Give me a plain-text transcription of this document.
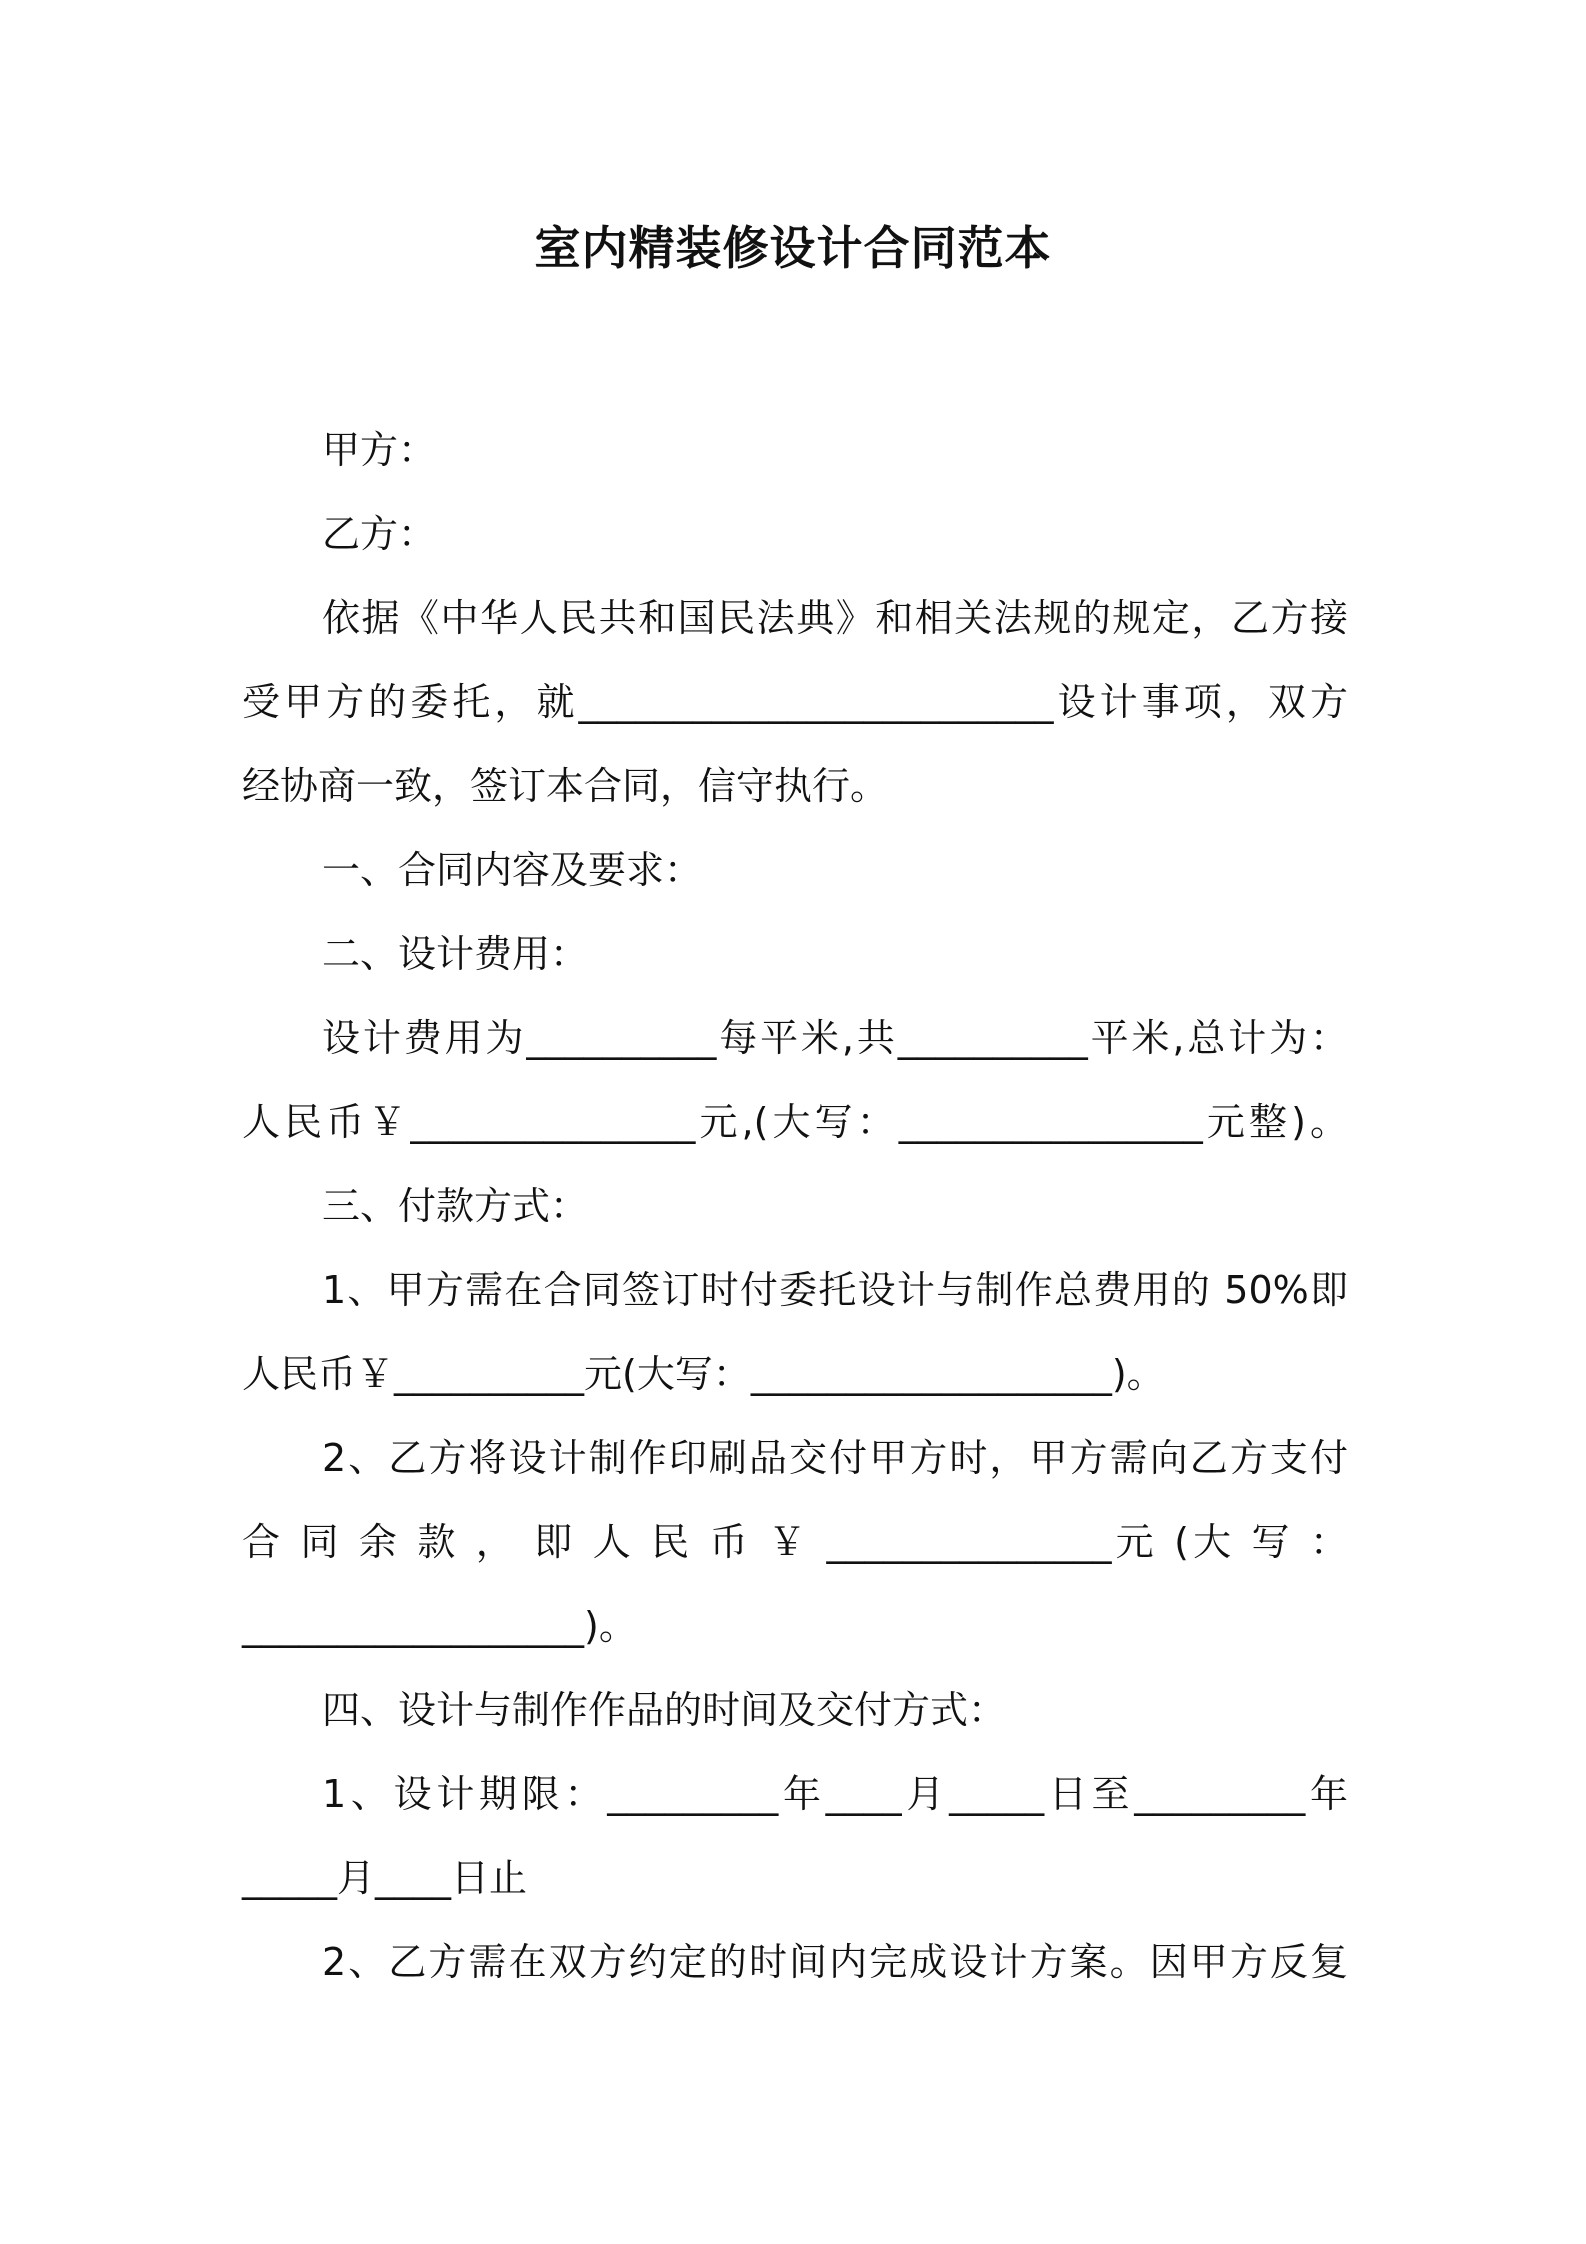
室内精装修设计合同范本

甲方：

乙方：

依据《中华人民共和国民法典》和相关法规的规定，乙方接

受甲方的委托，就_________________________设计事项，双方

经协商一致，签订本合同，信守执行。

一、合同内容及要求：

二、设计费用：

设计费用为__________每平米,共__________平米,总计为：

人民币￥_______________元,(大写：________________元整)。

三、付款方式：

1、甲方需在合同签订时付委托设计与制作总费用的 50%即

人民币￥__________元(大写：___________________)。

2、乙方将设计制作印刷品交付甲方时，甲方需向乙方支付

合 同 余 款 ， 即 人 民 币 ￥ _______________元 (大 写 ：

__________________)。

四、设计与制作作品的时间及交付方式：

1、设计期限：_________年____月_____日至_________年

_____月____日止

2、乙方需在双方约定的时间内完成设计方案。因甲方反复
